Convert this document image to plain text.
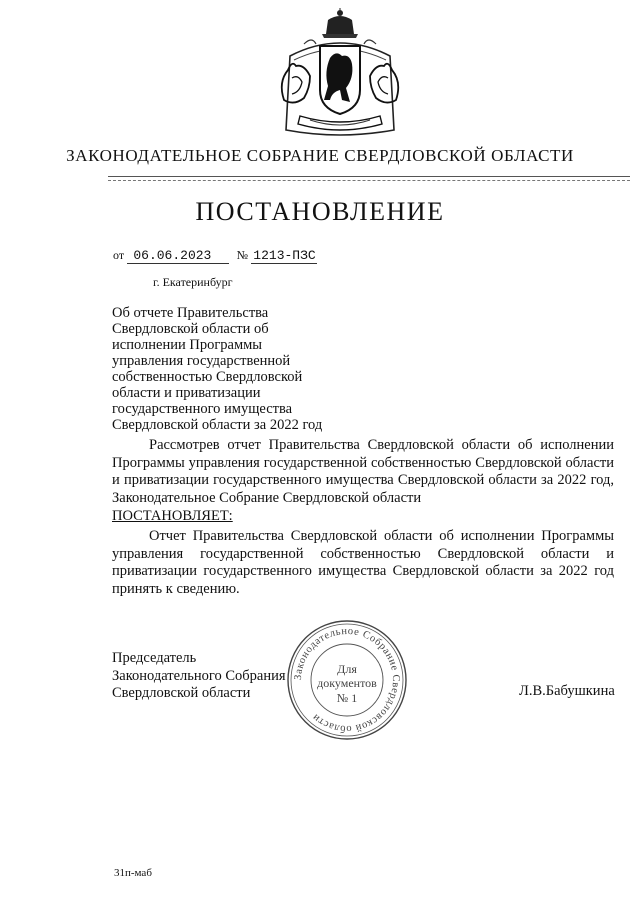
ЗАКОНОДАТЕЛЬНОЕ СОБРАНИЕ СВЕРДЛОВСКОЙ ОБЛАСТИ
ПОСТАНОВЛЕНИЕ
от 06.06.2023 № 1213-ПЗС
г. Екатеринбург
Об отчете Правительства
Свердловской области об
исполнении Программы
управления государственной
собственностью Свердловской
области и приватизации
государственного имущества
Свердловской области за 2022 год
Рассмотрев отчет Правительства Свердловской области об исполнении Программы управления государственной собственностью Свердловской области и приватизации государственного имущества Свердловской области за 2022 год, Законодательное Собрание Свердловской области
ПОСТАНОВЛЯЕТ:
Отчет Правительства Свердловской области об исполнении Программы управления государственной собственностью Свердловской области и приватизации государственного имущества Свердловской области за 2022 год принять к сведению.
Председатель
Законодательного Собрания
Свердловской области	Л.В.Бабушкина
Законодательное Собрание Свердловской области
Для
документов
№ 1
31п-маб
